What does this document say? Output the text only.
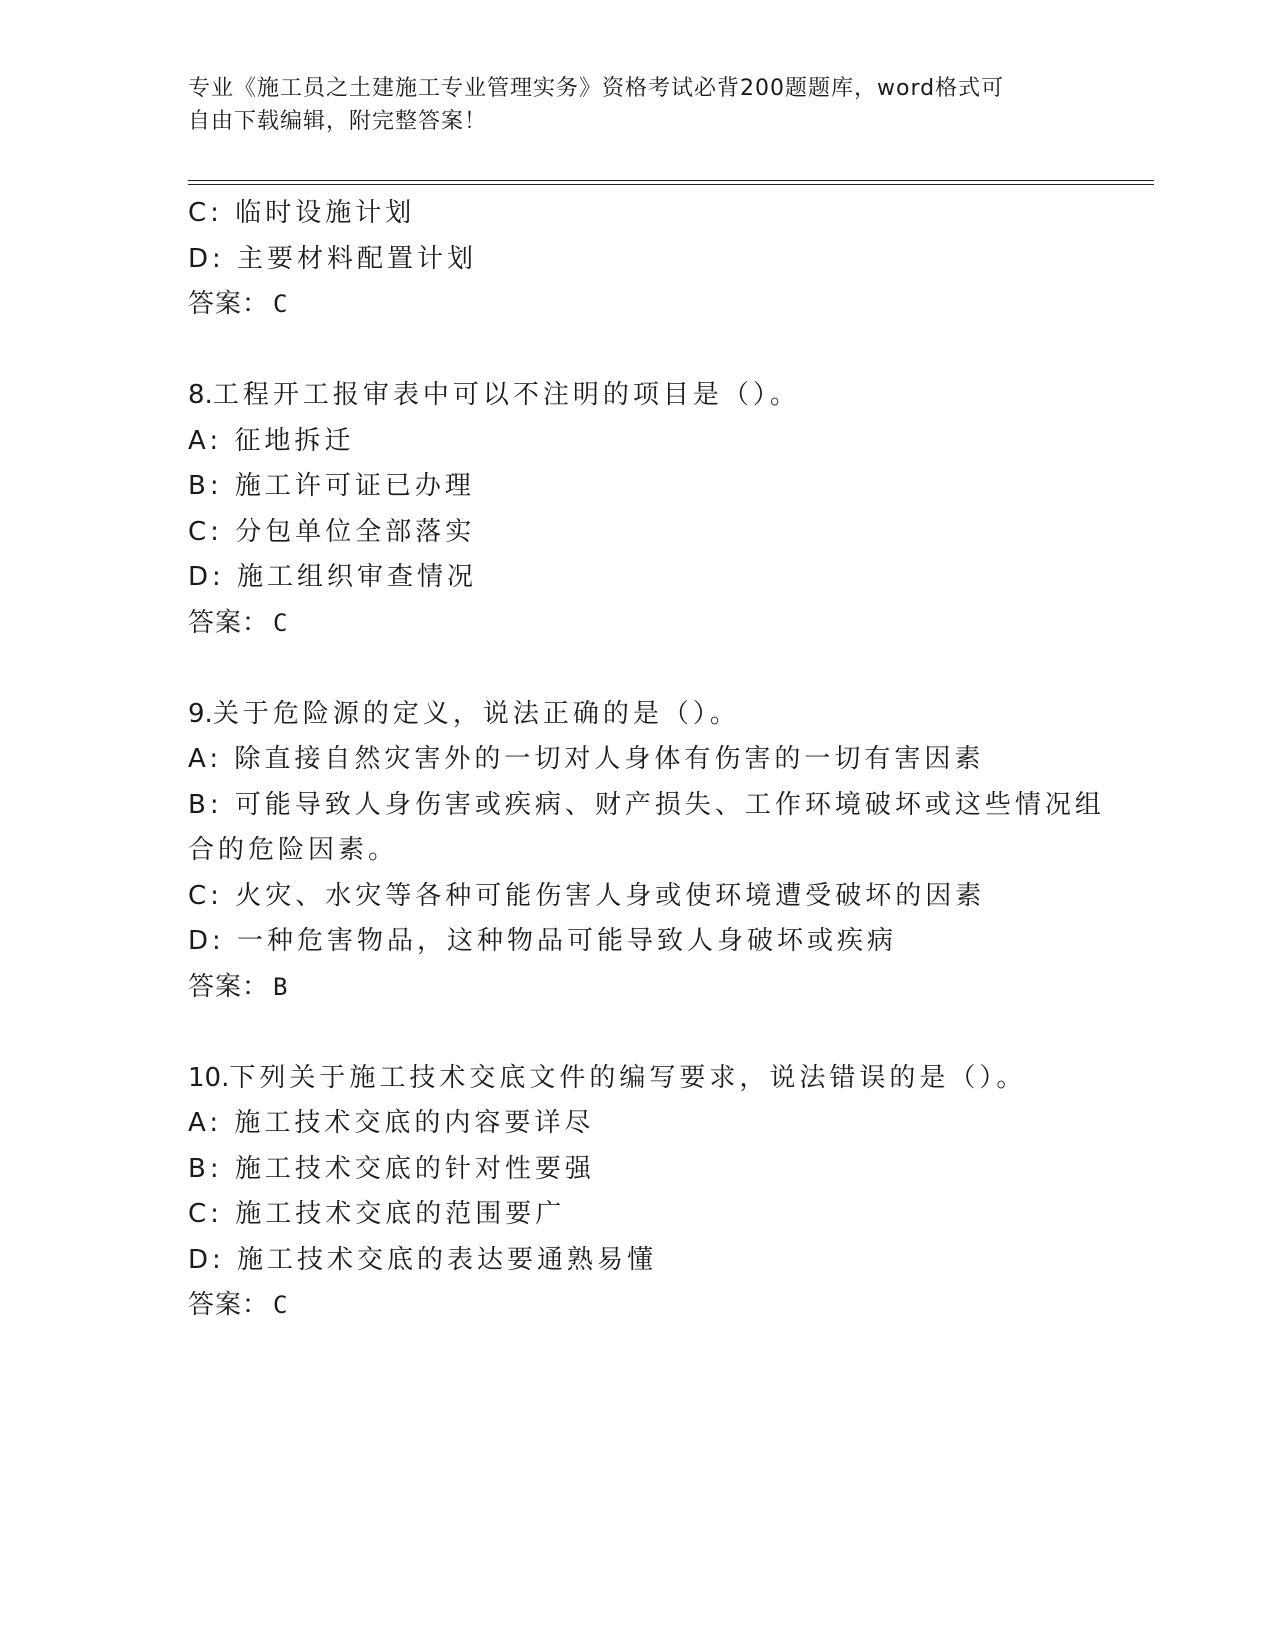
专业《施工员之土建施工专业管理实务》资格考试必背200题题库，word格式可
自由下载编辑，附完整答案！
C: 临时设施计划
D: 主要材料配置计划
答案： C
8.工程开工报审表中可以不注明的项目是（）。
A: 征地拆迁
B: 施工许可证已办理
C: 分包单位全部落实
D: 施工组织审查情况
答案： C
9.关于危险源的定义，说法正确的是（）。
A: 除直接自然灾害外的一切对人身体有伤害的一切有害因素
B: 可能导致人身伤害或疾病、财产损失、工作环境破坏或这些情况组
合的危险因素。
C: 火灾、水灾等各种可能伤害人身或使环境遭受破坏的因素
D: 一种危害物品，这种物品可能导致人身破坏或疾病
答案： B
10.下列关于施工技术交底文件的编写要求，说法错误的是（）。
A: 施工技术交底的内容要详尽
B: 施工技术交底的针对性要强
C: 施工技术交底的范围要广
D: 施工技术交底的表达要通熟易懂
答案： C
